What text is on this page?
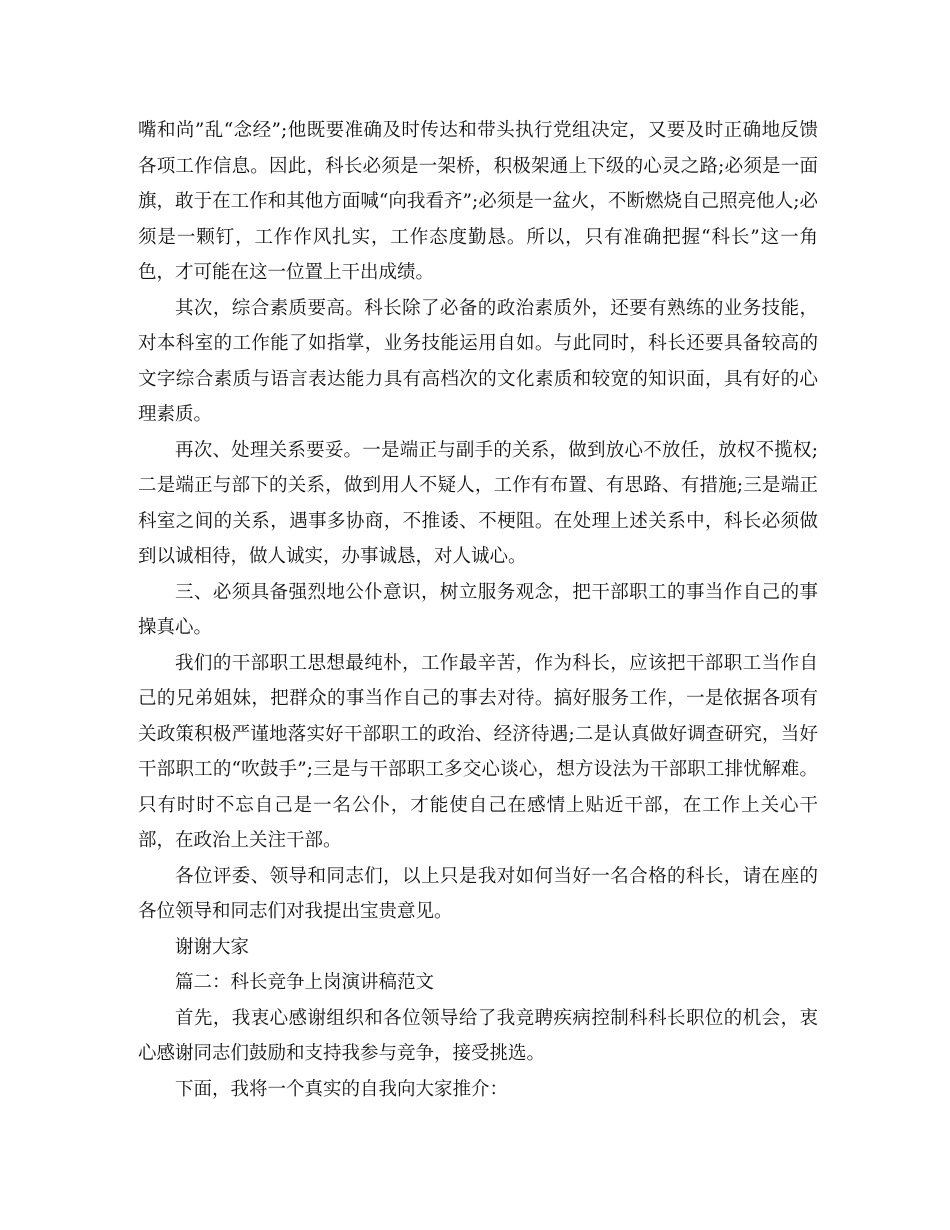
嘴和尚”乱“念经”;他既要准确及时传达和带头执行党组决定，又要及时正确地反馈各项工作信息。因此，科长必须是一架桥，积极架通上下级的心灵之路;必须是一面旗，敢于在工作和其他方面喊“向我看齐”;必须是一盆火，不断燃烧自己照亮他人;必须是一颗钉，工作作风扎实，工作态度勤恳。所以，只有准确把握“科长”这一角色，才可能在这一位置上干出成绩。

其次，综合素质要高。科长除了必备的政治素质外，还要有熟练的业务技能，对本科室的工作能了如指掌，业务技能运用自如。与此同时，科长还要具备较高的文字综合素质与语言表达能力具有高档次的文化素质和较宽的知识面，具有好的心理素质。

再次、处理关系要妥。一是端正与副手的关系，做到放心不放任，放权不揽权;二是端正与部下的关系，做到用人不疑人，工作有布置、有思路、有措施;三是端正科室之间的关系，遇事多协商，不推诿、不梗阻。在处理上述关系中，科长必须做到以诚相待，做人诚实，办事诚恳，对人诚心。

三、必须具备强烈地公仆意识，树立服务观念，把干部职工的事当作自己的事操真心。

我们的干部职工思想最纯朴，工作最辛苦，作为科长，应该把干部职工当作自己的兄弟姐妹，把群众的事当作自己的事去对待。搞好服务工作，一是依据各项有关政策积极严谨地落实好干部职工的政治、经济待遇;二是认真做好调查研究，当好干部职工的“吹鼓手”;三是与干部职工多交心谈心，想方设法为干部职工排忧解难。只有时时不忘自己是一名公仆，才能使自己在感情上贴近干部，在工作上关心干部，在政治上关注干部。

各位评委、领导和同志们，以上只是我对如何当好一名合格的科长，请在座的各位领导和同志们对我提出宝贵意见。

谢谢大家

篇二：科长竞争上岗演讲稿范文

首先，我衷心感谢组织和各位领导给了我竞聘疾病控制科科长职位的机会，衷心感谢同志们鼓励和支持我参与竞争，接受挑选。

下面，我将一个真实的自我向大家推介：
